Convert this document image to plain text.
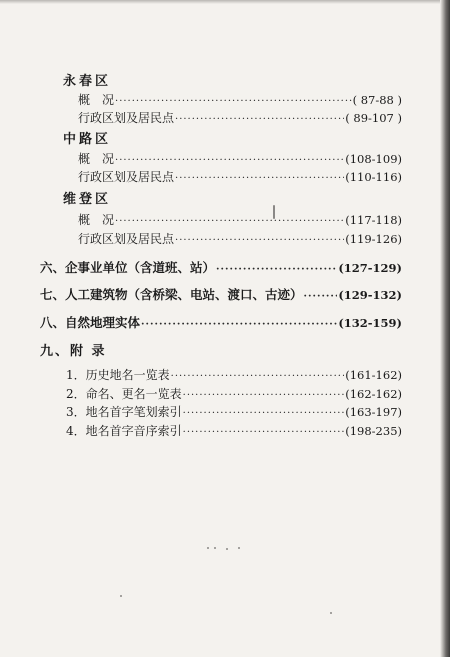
永春区
概　况 ·····	( 87-88 )
行政区划及居民点 ·····	( 89-107 )
中路区
概　况 ·····	(108-109)
行政区划及居民点 ·····	(110-116)
维登区
概　况 ·····	(117-118)
行政区划及居民点 ·····	(119-126)
六、企事业单位（含道班、站） ·····	(127-129)
七、人工建筑物（含桥梁、电站、渡口、古迹） ·····	(129-132)
八、自然地理实体 ·····	(132-159)
九、附 录
1．历史地名一览表 ·····	(161-162)
2．命名、更名一览表 ·····	(162-162)
3．地名首字笔划索引 ·····	(163-197)
4．地名首字音序索引 ·····	(198-235)
